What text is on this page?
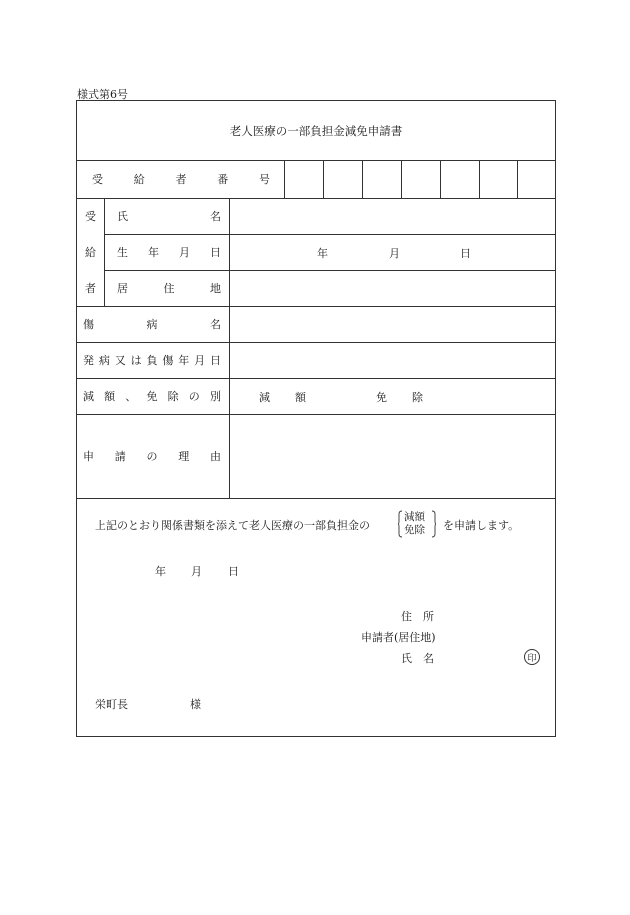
様式第6号
老人医療の一部負担金減免申請書
受	給	者	番	号
受
給
者
氏	名
生 年 月 日	年	月	日
居	住	地
傷	病	名
発 病 又 は 負 傷 年 月 日
減 額 、 免 除 の 別	減 額	免 除
申 請 の 理 由
上記のとおり関係書類を添えて老人医療の一部負担金の
減額
免除 を申請します。
年 月 日
住　所
申請者(居住地)
氏　名	印
栄町長	様
